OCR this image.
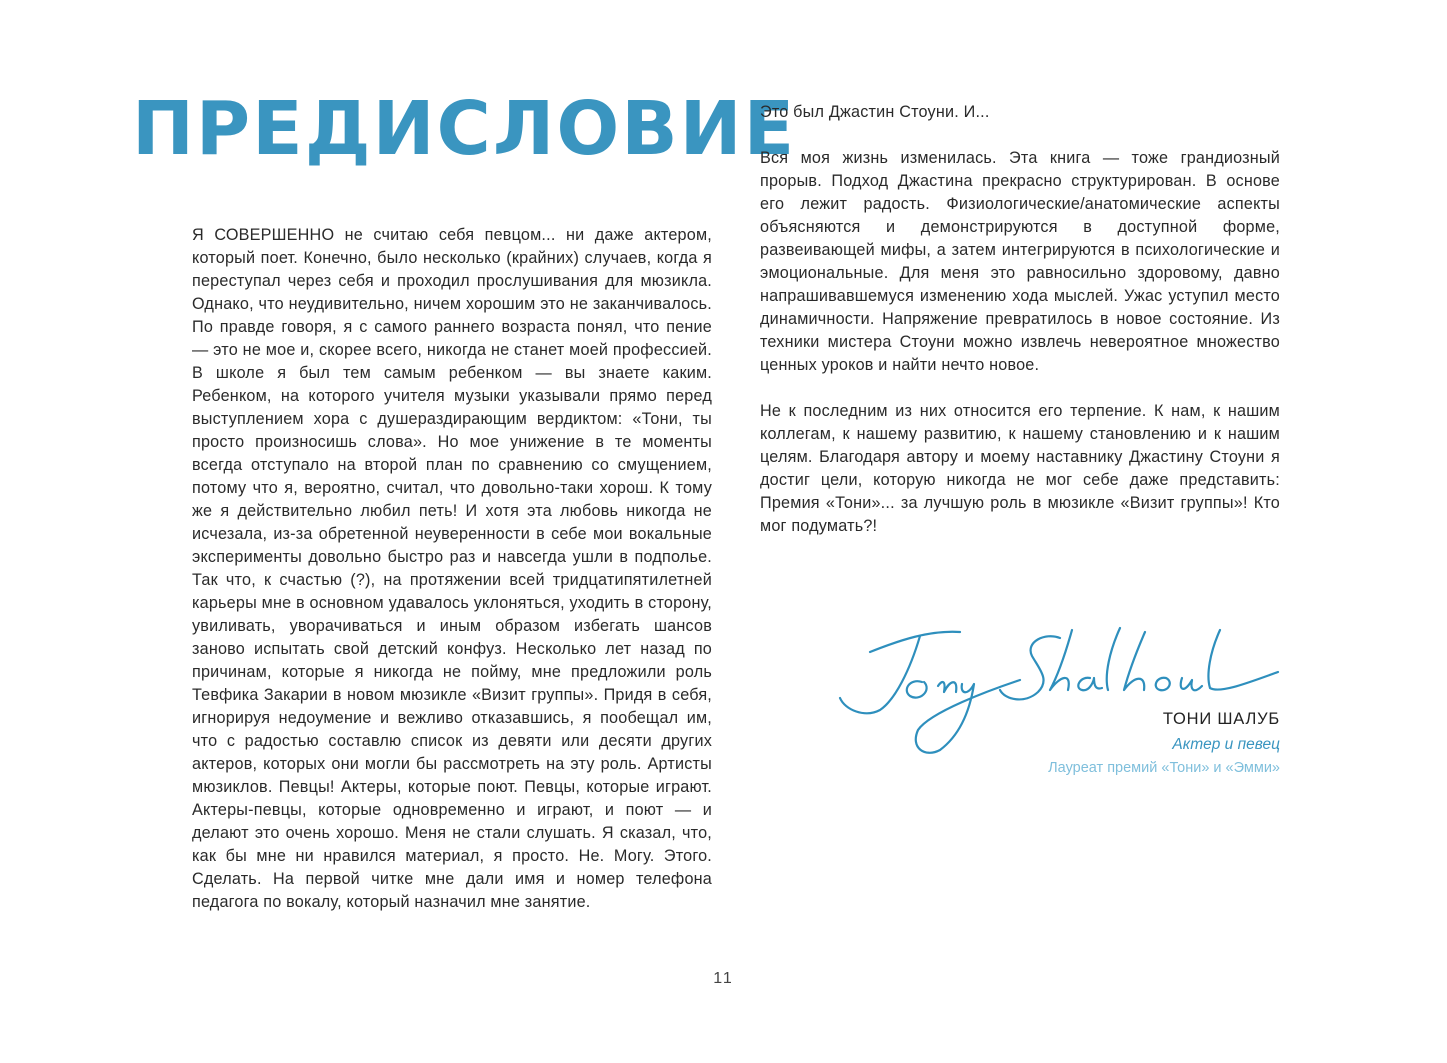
ПРЕДИСЛОВИЕ

Я СОВЕРШЕННО не считаю себя певцом... ни даже актером, который поет. Конечно, было несколько (крайних) случаев, когда я переступал через себя и проходил прослушивания для мюзикла. Однако, что неудивительно, ничем хорошим это не заканчивалось. По правде говоря, я с самого раннего возраста понял, что пение — это не мое и, скорее всего, никогда не станет моей профессией. В школе я был тем самым ребенком — вы знаете каким. Ребенком, на которого учителя музыки указывали прямо перед выступлением хора с душераздирающим вердиктом: «Тони, ты просто произносишь слова». Но мое унижение в те моменты всегда отступало на второй план по сравнению со смущением, потому что я, вероятно, считал, что довольно-таки хорош. К тому же я действительно любил петь! И хотя эта любовь никогда не исчезала, из-за обретенной неуверенности в себе мои вокальные эксперименты довольно быстро раз и навсегда ушли в подполье. Так что, к счастью (?), на протяжении всей тридцатипятилетней карьеры мне в основном удавалось уклоняться, уходить в сторону, увиливать, уворачиваться и иным образом избегать шансов заново испытать свой детский конфуз. Несколько лет назад по причинам, которые я никогда не пойму, мне предложили роль Тевфика Закарии в новом мюзикле «Визит группы». Придя в себя, игнорируя недоумение и вежливо отказавшись, я пообещал им, что с радостью составлю список из девяти или десяти других актеров, которых они могли бы рассмотреть на эту роль. Артисты мюзиклов. Певцы! Актеры, которые поют. Певцы, которые играют. Актеры-певцы, которые одновременно и играют, и поют — и делают это очень хорошо. Меня не стали слушать. Я сказал, что, как бы мне ни нравился материал, я просто. Не. Могу. Этого. Сделать. На первой читке мне дали имя и номер телефона педагога по вокалу, который назначил мне занятие.

Это был Джастин Стоуни. И...

Вся моя жизнь изменилась. Эта книга — тоже грандиозный прорыв. Подход Джастина прекрасно структурирован. В основе его лежит радость. Физиологические/анатомические аспекты объясняются и демонстрируются в доступной форме, развеивающей мифы, а затем интегрируются в психологические и эмоциональные. Для меня это равносильно здоровому, давно напрашивавшемуся изменению хода мыслей. Ужас уступил место динамичности. Напряжение превратилось в новое состояние. Из техники мистера Стоуни можно извлечь невероятное множество ценных уроков и найти нечто новое.

Не к последним из них относится его терпение. К нам, к нашим коллегам, к нашему развитию, к нашему становлению и к нашим целям. Благодаря автору и моему наставнику Джастину Стоуни я достиг цели, которую никогда не мог себе даже представить: Премия «Тони»... за лучшую роль в мюзикле «Визит группы»! Кто мог подумать?!

ТОНИ ШАЛУБ
Актер и певец
Лауреат премий «Тони» и «Эмми»
11
